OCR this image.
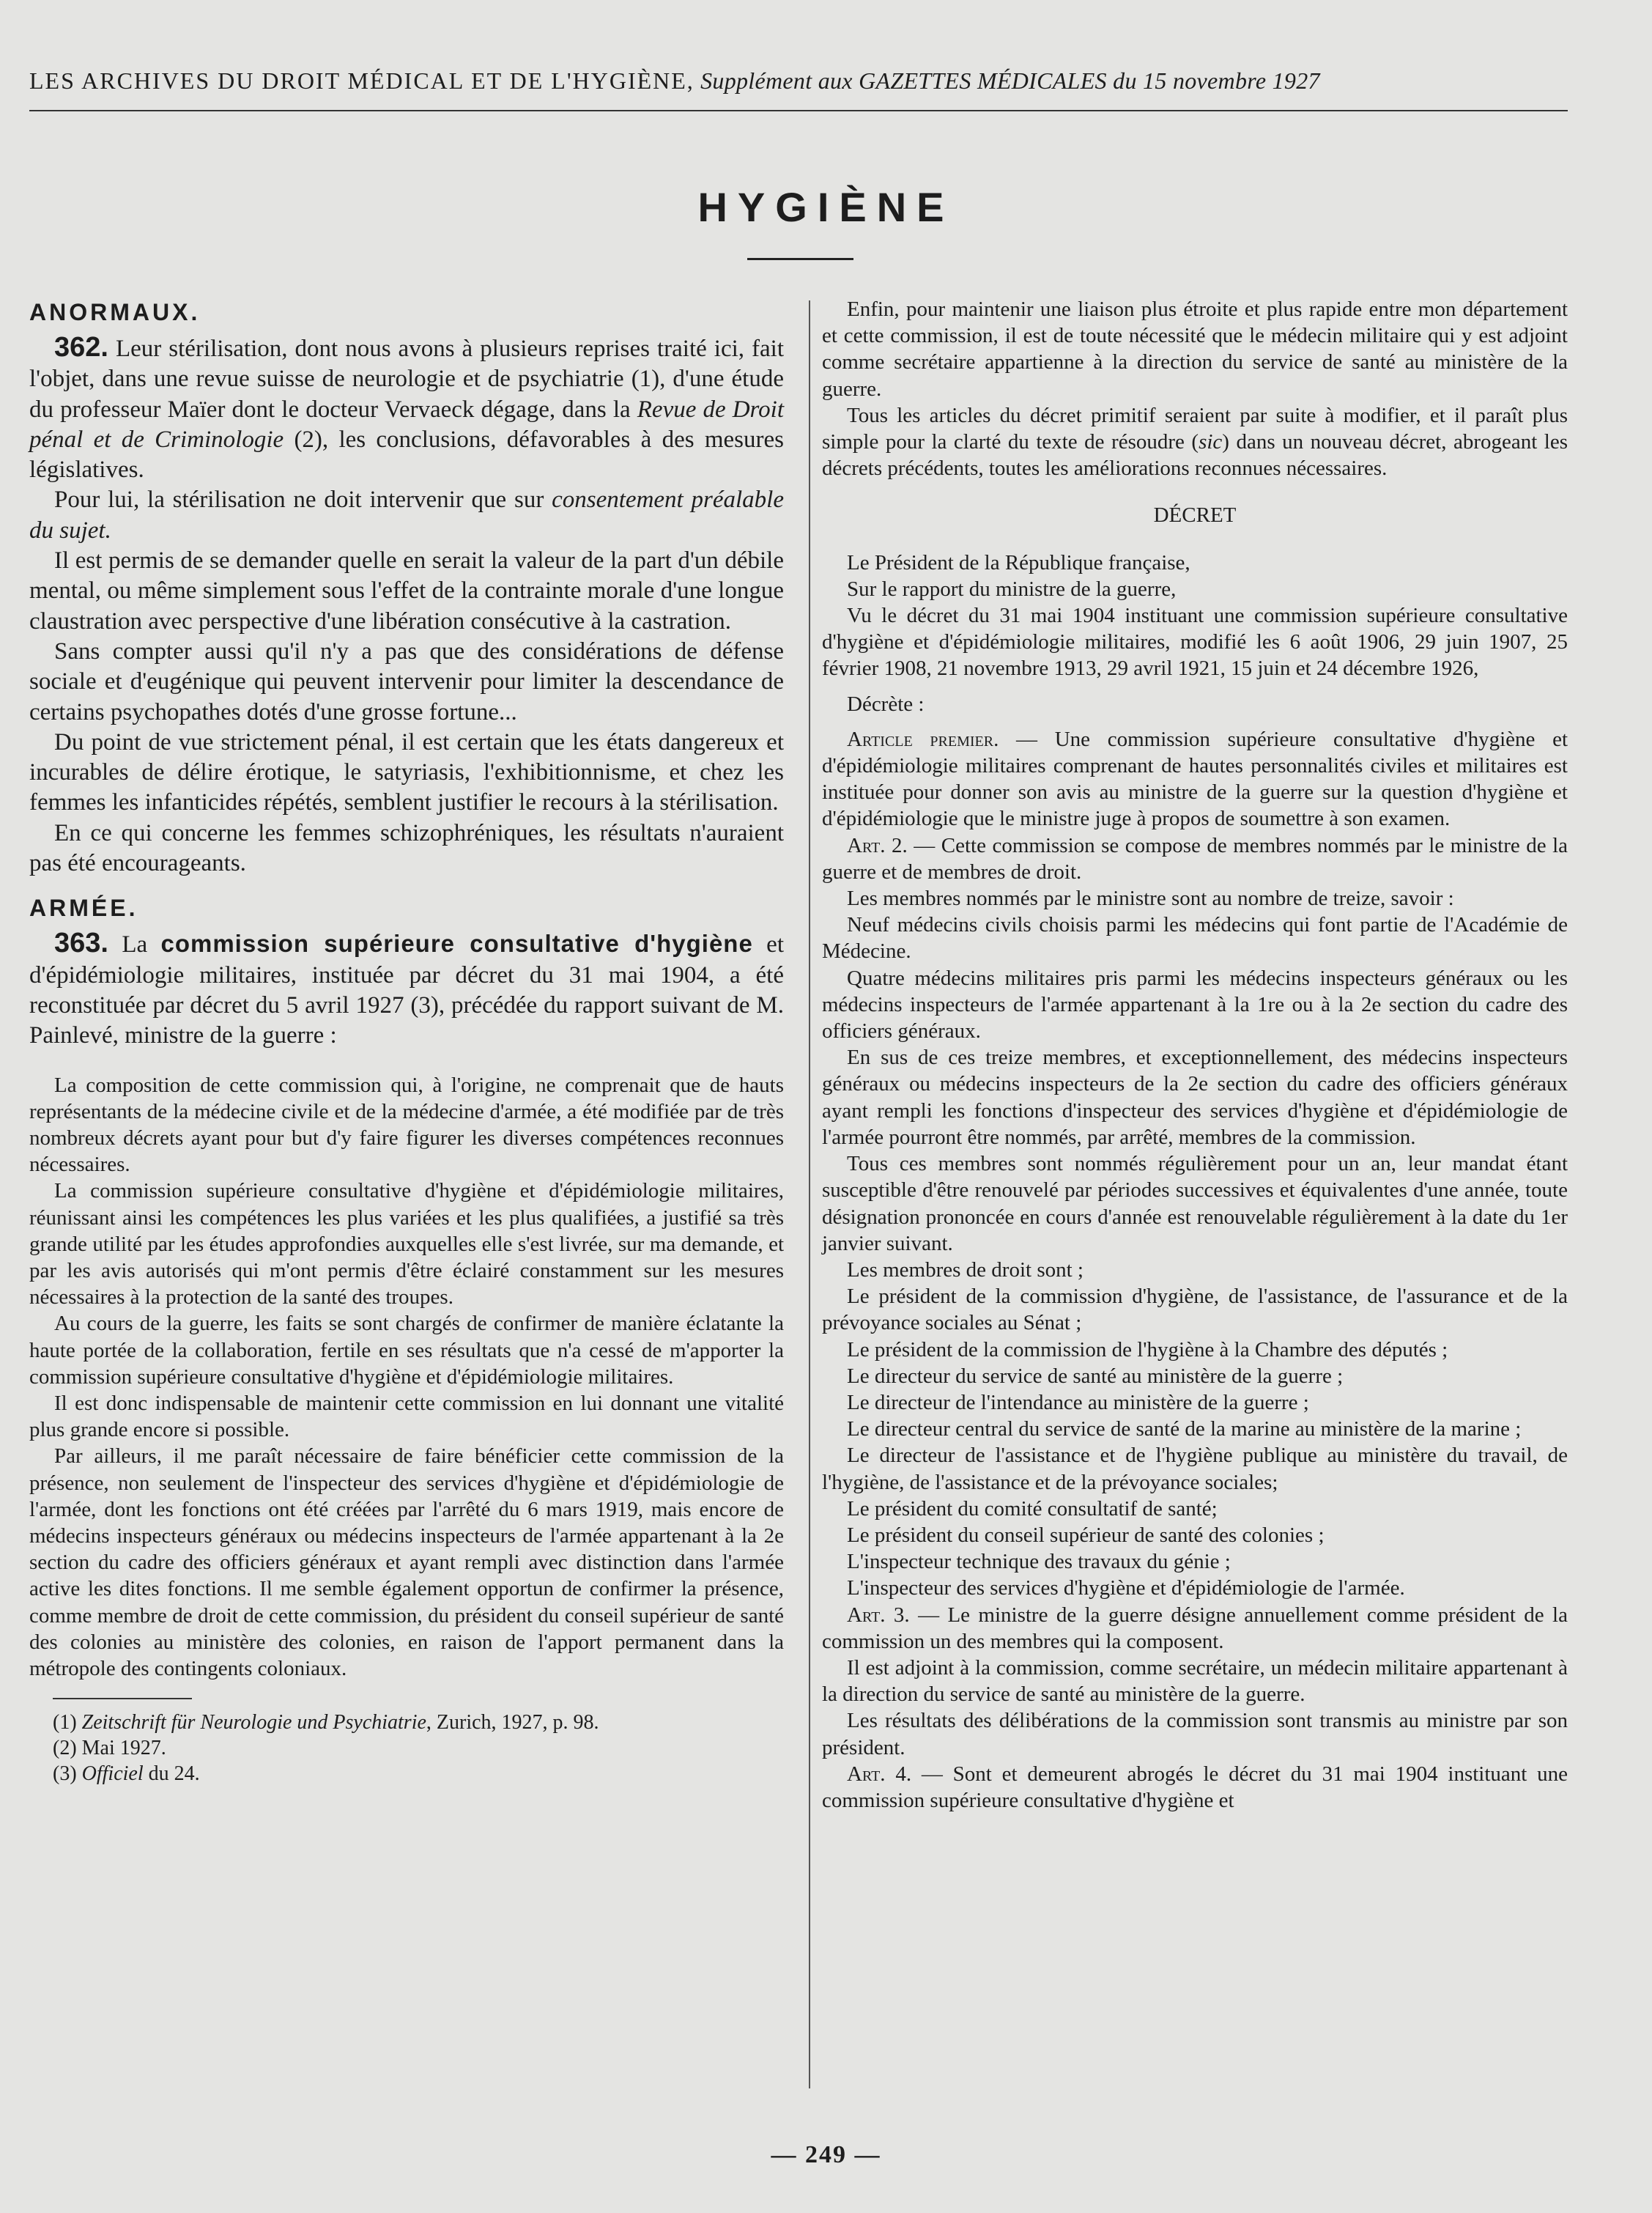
LES ARCHIVES DU DROIT MÉDICAL ET DE L'HYGIÈNE, Supplément aux GAZETTES MÉDICALES du 15 novembre 1927
HYGIÈNE
ANORMAUX.

362. Leur stérilisation, dont nous avons à plusieurs reprises traité ici, fait l'objet, dans une revue suisse de neurologie et de psychiatrie (1), d'une étude du professeur Maïer dont le docteur Vervaeck dégage, dans la Revue de Droit pénal et de Criminologie (2), les conclusions, défavorables à des mesures législatives.

Pour lui, la stérilisation ne doit intervenir que sur consentement préalable du sujet.

Il est permis de se demander quelle en serait la valeur de la part d'un débile mental, ou même simplement sous l'effet de la contrainte morale d'une longue claustration avec perspective d'une libération consécutive à la castration.

Sans compter aussi qu'il n'y a pas que des considérations de défense sociale et d'eugénique qui peuvent intervenir pour limiter la descendance de certains psychopathes dotés d'une grosse fortune...

Du point de vue strictement pénal, il est certain que les états dangereux et incurables de délire érotique, le satyriasis, l'exhibitionnisme, et chez les femmes les infanticides répétés, semblent justifier le recours à la stérilisation.

En ce qui concerne les femmes schizophréniques, les résultats n'auraient pas été encourageants.

ARMÉE.

363. La commission supérieure consultative d'hygiène et d'épidémiologie militaires, instituée par décret du 31 mai 1904, a été reconstituée par décret du 5 avril 1927 (3), précédée du rapport suivant de M. Painlevé, ministre de la guerre :

La composition de cette commission qui, à l'origine, ne comprenait que de hauts représentants de la médecine civile et de la médecine d'armée, a été modifiée par de très nombreux décrets ayant pour but d'y faire figurer les diverses compétences reconnues nécessaires.

La commission supérieure consultative d'hygiène et d'épidémiologie militaires, réunissant ainsi les compétences les plus variées et les plus qualifiées, a justifié sa très grande utilité par les études approfondies auxquelles elle s'est livrée, sur ma demande, et par les avis autorisés qui m'ont permis d'être éclairé constamment sur les mesures nécessaires à la protection de la santé des troupes.

Au cours de la guerre, les faits se sont chargés de confirmer de manière éclatante la haute portée de la collaboration, fertile en ses résultats que n'a cessé de m'apporter la commission supérieure consultative d'hygiène et d'épidémiologie militaires.

Il est donc indispensable de maintenir cette commission en lui donnant une vitalité plus grande encore si possible.

Par ailleurs, il me paraît nécessaire de faire bénéficier cette commission de la présence, non seulement de l'inspecteur des services d'hygiène et d'épidémiologie de l'armée, dont les fonctions ont été créées par l'arrêté du 6 mars 1919, mais encore de médecins inspecteurs généraux ou médecins inspecteurs de l'armée appartenant à la 2e section du cadre des officiers généraux et ayant rempli avec distinction dans l'armée active les dites fonctions. Il me semble également opportun de confirmer la présence, comme membre de droit de cette commission, du président du conseil supérieur de santé des colonies au ministère des colonies, en raison de l'apport permanent dans la métropole des contingents coloniaux.

(1) Zeitschrift für Neurologie und Psychiatrie, Zurich, 1927, p. 98.
(2) Mai 1927.
(3) Officiel du 24.

Enfin, pour maintenir une liaison plus étroite et plus rapide entre mon département et cette commission, il est de toute nécessité que le médecin militaire qui y est adjoint comme secrétaire appartienne à la direction du service de santé au ministère de la guerre.

Tous les articles du décret primitif seraient par suite à modifier, et il paraît plus simple pour la clarté du texte de résoudre (sic) dans un nouveau décret, abrogeant les décrets précédents, toutes les améliorations reconnues nécessaires.

DÉCRET

Le Président de la République française,

Sur le rapport du ministre de la guerre,

Vu le décret du 31 mai 1904 instituant une commission supérieure consultative d'hygiène et d'épidémiologie militaires, modifié les 6 août 1906, 29 juin 1907, 25 février 1908, 21 novembre 1913, 29 avril 1921, 15 juin et 24 décembre 1926,

Décrète :

Article premier. — Une commission supérieure consultative d'hygiène et d'épidémiologie militaires comprenant de hautes personnalités civiles et militaires est instituée pour donner son avis au ministre de la guerre sur la question d'hygiène et d'épidémiologie que le ministre juge à propos de soumettre à son examen.

Art. 2. — Cette commission se compose de membres nommés par le ministre de la guerre et de membres de droit.

Les membres nommés par le ministre sont au nombre de treize, savoir :

Neuf médecins civils choisis parmi les médecins qui font partie de l'Académie de Médecine.

Quatre médecins militaires pris parmi les médecins inspecteurs généraux ou les médecins inspecteurs de l'armée appartenant à la 1re ou à la 2e section du cadre des officiers généraux.

En sus de ces treize membres, et exceptionnellement, des médecins inspecteurs généraux ou médecins inspecteurs de la 2e section du cadre des officiers généraux ayant rempli les fonctions d'inspecteur des services d'hygiène et d'épidémiologie de l'armée pourront être nommés, par arrêté, membres de la commission.

Tous ces membres sont nommés régulièrement pour un an, leur mandat étant susceptible d'être renouvelé par périodes successives et équivalentes d'une année, toute désignation prononcée en cours d'année est renouvelable régulièrement à la date du 1er janvier suivant.

Les membres de droit sont ;

Le président de la commission d'hygiène, de l'assistance, de l'assurance et de la prévoyance sociales au Sénat ;

Le président de la commission de l'hygiène à la Chambre des députés ;

Le directeur du service de santé au ministère de la guerre ;

Le directeur de l'intendance au ministère de la guerre ;

Le directeur central du service de santé de la marine au ministère de la marine ;

Le directeur de l'assistance et de l'hygiène publique au ministère du travail, de l'hygiène, de l'assistance et de la prévoyance sociales;

Le président du comité consultatif de santé;

Le président du conseil supérieur de santé des colonies ;

L'inspecteur technique des travaux du génie ;

L'inspecteur des services d'hygiène et d'épidémiologie de l'armée.

Art. 3. — Le ministre de la guerre désigne annuellement comme président de la commission un des membres qui la composent.

Il est adjoint à la commission, comme secrétaire, un médecin militaire appartenant à la direction du service de santé au ministère de la guerre.

Les résultats des délibérations de la commission sont transmis au ministre par son président.

Art. 4. — Sont et demeurent abrogés le décret du 31 mai 1904 instituant une commission supérieure consultative d'hygiène et

— 249 —
